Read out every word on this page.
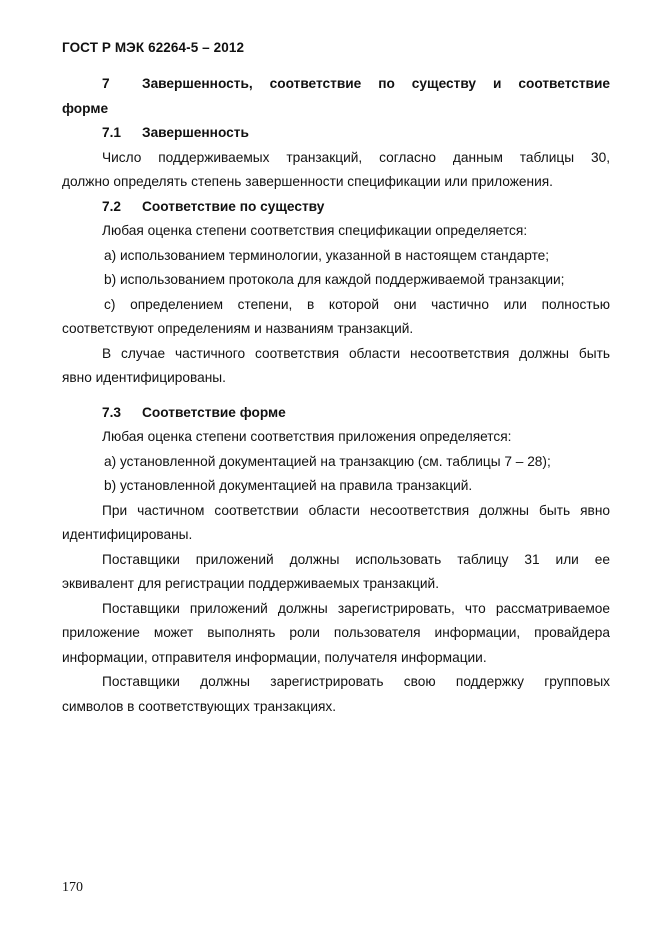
ГОСТ Р МЭК 62264-5 – 2012
7 Завершенность, соответствие по существу и соответствие
форме
7.1 Завершенность
Число поддерживаемых транзакций, согласно данным таблицы 30,
должно определять степень завершенности спецификации или приложения.
7.2 Соответствие по существу
Любая оценка степени соответствия спецификации определяется:
a) использованием терминологии, указанной в настоящем стандарте;
b) использованием протокола для каждой поддерживаемой транзакции;
c) определением степени, в которой они частично или полностью
соответствуют определениям и названиям транзакций.
В случае частичного соответствия области несоответствия должны быть
явно идентифицированы.
7.3 Соответствие форме
Любая оценка степени соответствия приложения определяется:
a) установленной документацией на транзакцию (см. таблицы 7 – 28);
b) установленной документацией на правила транзакций.
При частичном соответствии области несоответствия должны быть явно
идентифицированы.
Поставщики приложений должны использовать таблицу 31 или ее
эквивалент для регистрации поддерживаемых транзакций.
Поставщики приложений должны зарегистрировать, что рассматриваемое
приложение может выполнять роли пользователя информации, провайдера
информации, отправителя информации, получателя информации.
Поставщики должны зарегистрировать свою поддержку групповых
символов в соответствующих транзакциях.
170
